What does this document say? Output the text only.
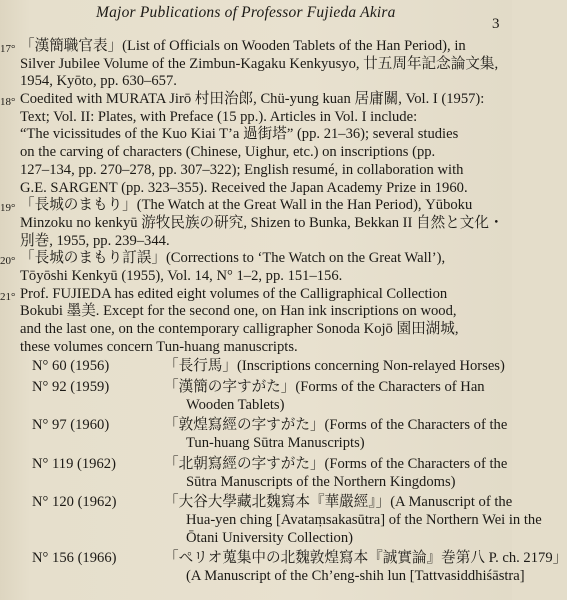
Major Publications of Professor Fujieda Akira
3
17° 「漢簡職官表」(List of Officials on Wooden Tablets of the Han Period), in
Silver Jubilee Volume of the Zimbun-Kagaku Kenkyusyo, 廿五周年記念論文集,
1954, Kyōto, pp. 630–657.
18° Coedited with MURATA Jirō 村田治郎, Chü-yung kuan 居庸關, Vol. I (1957):
Text; Vol. II: Plates, with Preface (15 pp.). Articles in Vol. I include:
“The vicissitudes of the Kuo Kiai T’a 過街塔” (pp. 21–36); several studies
on the carving of characters (Chinese, Uighur, etc.) on inscriptions (pp.
127–134, pp. 270–278, pp. 307–322); English resumé, in collaboration with
G.E. SARGENT (pp. 323–355). Received the Japan Academy Prize in 1960.
19° 「長城のまもり」(The Watch at the Great Wall in the Han Period), Yūboku
Minzoku no kenkyū 游牧民族の研究, Shizen to Bunka, Bekkan II 自然と文化・
別巻, 1955, pp. 239–344.
20° 「長城のまもり訂誤」(Corrections to ‘The Watch on the Great Wall’),
Tōyōshi Kenkyū (1955), Vol. 14, N° 1–2, pp. 151–156.
21° Prof. FUJIEDA has edited eight volumes of the Calligraphical Collection
Bokubi 墨美. Except for the second one, on Han ink inscriptions on wood,
and the last one, on the contemporary calligrapher Sonoda Kojō 園田湖城,
these volumes concern Tun-huang manuscripts.
N° 60 (1956)	「長行馬」(Inscriptions concerning Non-relayed Horses)
N° 92 (1959)	「漢簡の字すがた」(Forms of the Characters of Han
Wooden Tablets)
N° 97 (1960)	「敦煌寫經の字すがた」(Forms of the Characters of the
Tun-huang Sūtra Manuscripts)
N° 119 (1962)	「北朝寫經の字すがた」(Forms of the Characters of the
Sūtra Manuscripts of the Northern Kingdoms)
N° 120 (1962)	「大谷大學藏北魏寫本『華嚴經』」(A Manuscript of the
Hua-yen ching [Avataṃsakasūtra] of the Northern Wei in the
Ōtani University Collection)
N° 156 (1966)	「ぺリオ蒐集中の北魏敦煌寫本『誠實論』巻第八 P. ch. 2179」
(A Manuscript of the Ch’eng-shih lun [Tattvasiddhiśāstra]
